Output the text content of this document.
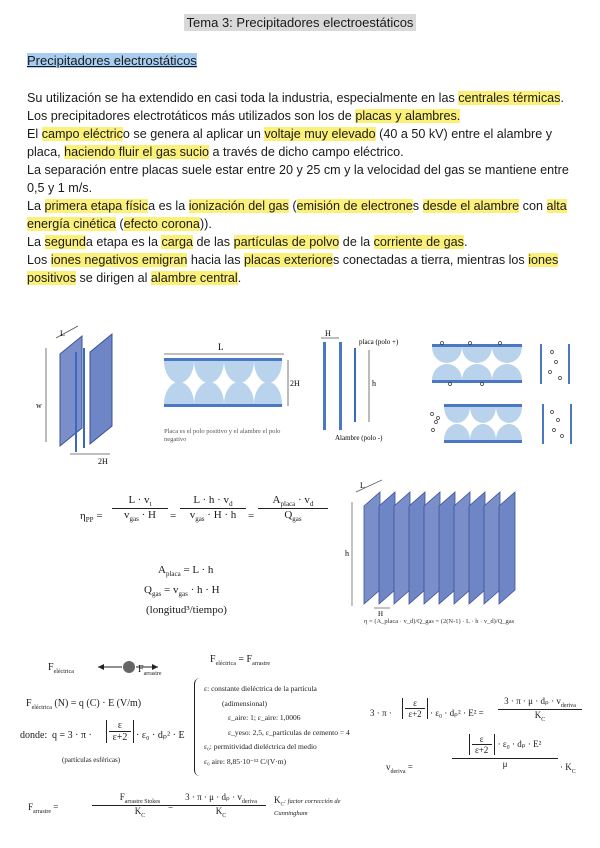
Tema 3: Precipitadores electroestáticos
Precipitadores electrostáticos

Su utilización se ha extendido en casi toda la industria, especialmente en las centrales térmicas.

Los precipitadores electrotáticos más utilizados son los de placas y alambres.

El campo eléctrico se genera al aplicar un voltaje muy elevado (40 a 50 kV) entre el alambre y placa, haciendo fluir el gas sucio a través de dicho campo eléctrico.

La separación entre placas suele estar entre 20 y 25 cm y la velocidad del gas se mantiene entre 0,5 y 1 m/s.

La primera etapa física es la ionización del gas (emisión de electrones desde el alambre con alta energía cinética (efecto corona)).

La segunda etapa es la carga de las partículas de polvo de la corriente de gas.

Los iones negativos emigran hacia las placas exteriores conectadas a tierra, mientras los iones positivos se dirigen al alambre central.

L
w
2H
L
2H
Placa es el polo positivo y el alambre el polo negativo
H
placa (polo +)
h
Alambre (polo -)
$\eta_{PP}$ =
$L \cdot v_t$
$v_{gas} \cdot H$	=
$L \cdot h \cdot v_d$
$v_{gas} \cdot H \cdot h$	=
$A_{placa} \cdot v_d$
$Q_{gas}$
$A_{placa} = L \cdot h$
$Q_{gas} = v_{gas} \cdot h \cdot H$
(longitud³/tiempo)
L
h
H
η = (A_placa · v_d)/Q_gas = (2(N-1) · L · h · v_d)/Q_gas
$F_{eléctrica}$	$F_{arrastre}$
$F_{eléctrica} = F_{arrastre}$
$F_{eléctrica}$ (N) = q (C) · E (V/m)
donde: q = 3 · π ·
ε
ε+2 · ε₀ · dₚ² · E
(partículas esféricas)
ε: constante dieléctrica de la partícula
(adimensional)
ε_aire: 1; ε_aire: 1,0006
ε_yeso: 2,5, ε_partículas de cemento = 4
ε₀: permitividad dieléctrica del medio
ε₀ aire: 8,85·10⁻¹² C/(V·m)
$F_{arrastre}$ =
$F_{arrastre Stokes}$
$K_C$
=
$3 \cdot \pi \cdot \mu \cdot d_p \cdot v_{deriva}$
$K_C$
$K_C$: factor corrección de Cunningham
3 · π ·
ε
ε+2 · ε₀ · dₚ² · E² =
$3 \cdot \pi \cdot \mu \cdot d_p \cdot v_{deriva}$
$K_C$
$v_{deriva}$ =
ε
ε+2
· ε₀ · dₚ · E²
μ	· $K_C$
